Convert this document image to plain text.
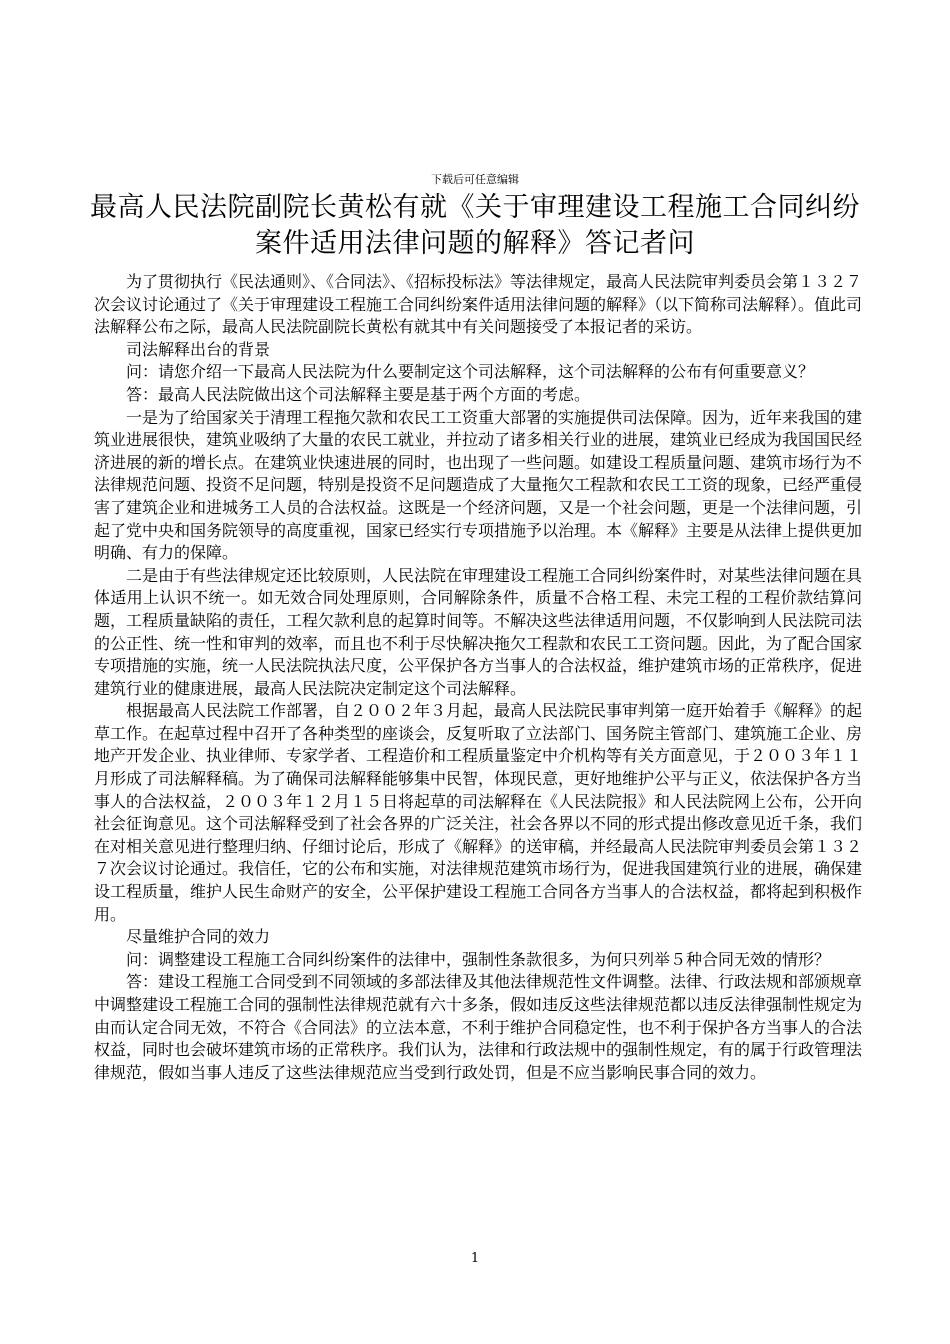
下载后可任意编辑
最高人民法院副院长黄松有就《关于审理建设工程施工合同纠纷案件适用法律问题的解释》答记者问

为了贯彻执行《民法通则》、《合同法》、《招标投标法》等法律规定，最高人民法院审判委员会第１３２７次会议讨论通过了《关于审理建设工程施工合同纠纷案件适用法律问题的解释》（以下简称司法解释）。值此司法解释公布之际，最高人民法院副院长黄松有就其中有关问题接受了本报记者的采访。

司法解释出台的背景

问：请您介绍一下最高人民法院为什么要制定这个司法解释，这个司法解释的公布有何重要意义？

答：最高人民法院做出这个司法解释主要是基于两个方面的考虑。

一是为了给国家关于清理工程拖欠款和农民工工资重大部署的实施提供司法保障。因为，近年来我国的建筑业进展很快，建筑业吸纳了大量的农民工就业，并拉动了诸多相关行业的进展，建筑业已经成为我国国民经济进展的新的增长点。在建筑业快速进展的同时，也出现了一些问题。如建设工程质量问题、建筑市场行为不法律规范问题、投资不足问题，特别是投资不足问题造成了大量拖欠工程款和农民工工资的现象，已经严重侵害了建筑企业和进城务工人员的合法权益。这既是一个经济问题，又是一个社会问题，更是一个法律问题，引起了党中央和国务院领导的高度重视，国家已经实行专项措施予以治理。本《解释》主要是从法律上提供更加明确、有力的保障。

二是由于有些法律规定还比较原则，人民法院在审理建设工程施工合同纠纷案件时，对某些法律问题在具体适用上认识不统一。如无效合同处理原则，合同解除条件，质量不合格工程、未完工程的工程价款结算问题，工程质量缺陷的责任，工程欠款利息的起算时间等。不解决这些法律适用问题，不仅影响到人民法院司法的公正性、统一性和审判的效率，而且也不利于尽快解决拖欠工程款和农民工工资问题。因此，为了配合国家专项措施的实施，统一人民法院执法尺度，公平保护各方当事人的合法权益，维护建筑市场的正常秩序，促进建筑行业的健康进展，最高人民法院决定制定这个司法解释。

根据最高人民法院工作部署，自２００２年３月起，最高人民法院民事审判第一庭开始着手《解释》的起草工作。在起草过程中召开了各种类型的座谈会，反复听取了立法部门、国务院主管部门、建筑施工企业、房地产开发企业、执业律师、专家学者、工程造价和工程质量鉴定中介机构等有关方面意见，于２００３年１１月形成了司法解释稿。为了确保司法解释能够集中民智，体现民意，更好地维护公平与正义，依法保护各方当事人的合法权益，２００３年１２月１５日将起草的司法解释在《人民法院报》和人民法院网上公布，公开向社会征询意见。这个司法解释受到了社会各界的广泛关注，社会各界以不同的形式提出修改意见近千条，我们在对相关意见进行整理归纳、仔细讨论后，形成了《解释》的送审稿，并经最高人民法院审判委员会第１３２７次会议讨论通过。我信任，它的公布和实施，对法律规范建筑市场行为，促进我国建筑行业的进展，确保建设工程质量，维护人民生命财产的安全，公平保护建设工程施工合同各方当事人的合法权益，都将起到积极作用。

尽量维护合同的效力

问：调整建设工程施工合同纠纷案件的法律中，强制性条款很多，为何只列举５种合同无效的情形？

答：建设工程施工合同受到不同领域的多部法律及其他法律规范性文件调整。法律、行政法规和部颁规章中调整建设工程施工合同的强制性法律规范就有六十多条，假如违反这些法律规范都以违反法律强制性规定为由而认定合同无效，不符合《合同法》的立法本意，不利于维护合同稳定性，也不利于保护各方当事人的合法权益，同时也会破坏建筑市场的正常秩序。我们认为，法律和行政法规中的强制性规定，有的属于行政管理法律规范，假如当事人违反了这些法律规范应当受到行政处罚，但是不应当影响民事合同的效力。

1
